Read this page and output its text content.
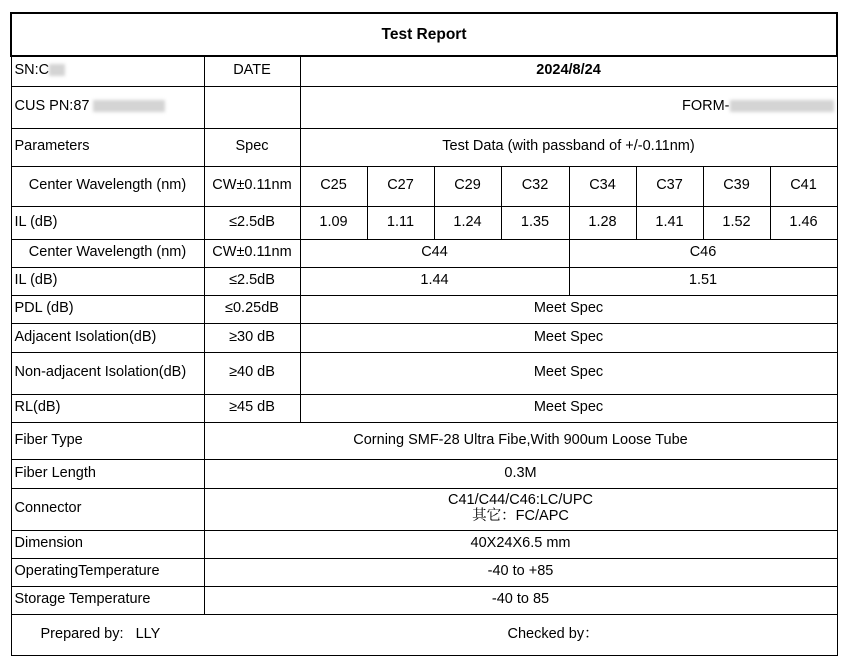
Test Report									
SN:C	DATE	2024/8/24							
CUS PN:87		FORM-							
Parameters	Spec	Test Data (with passband of +/-0.11nm)							
Center Wavelength (nm)	CW±0.11nm	C25	C27	C29	C32	C34	C37	C39	C41
IL (dB)	≤2.5dB	1.09	1.11	1.24	1.35	1.28	1.41	1.52	1.46
Center Wavelength (nm)	CW±0.11nm	C44				C46			
IL (dB)	≤2.5dB	1.44				1.51			
PDL (dB)	≤0.25dB	Meet Spec							
Adjacent Isolation(dB)	≥30 dB	Meet Spec							
Non-adjacent Isolation(dB)	≥40 dB	Meet Spec							
RL(dB)	≥45 dB	Meet Spec							
Fiber Type	Corning SMF-28 Ultra Fibe,With 900um Loose Tube								
Fiber Length	0.3M								
Connector	C41/C44/C46:LC/UPC
其它：FC/APC								

Dimension	40X24X6.5 mm								
OperatingTemperature	-40 to +85								
Storage Temperature	-40 to 85								
Prepared by:   LLY Checked by：									
